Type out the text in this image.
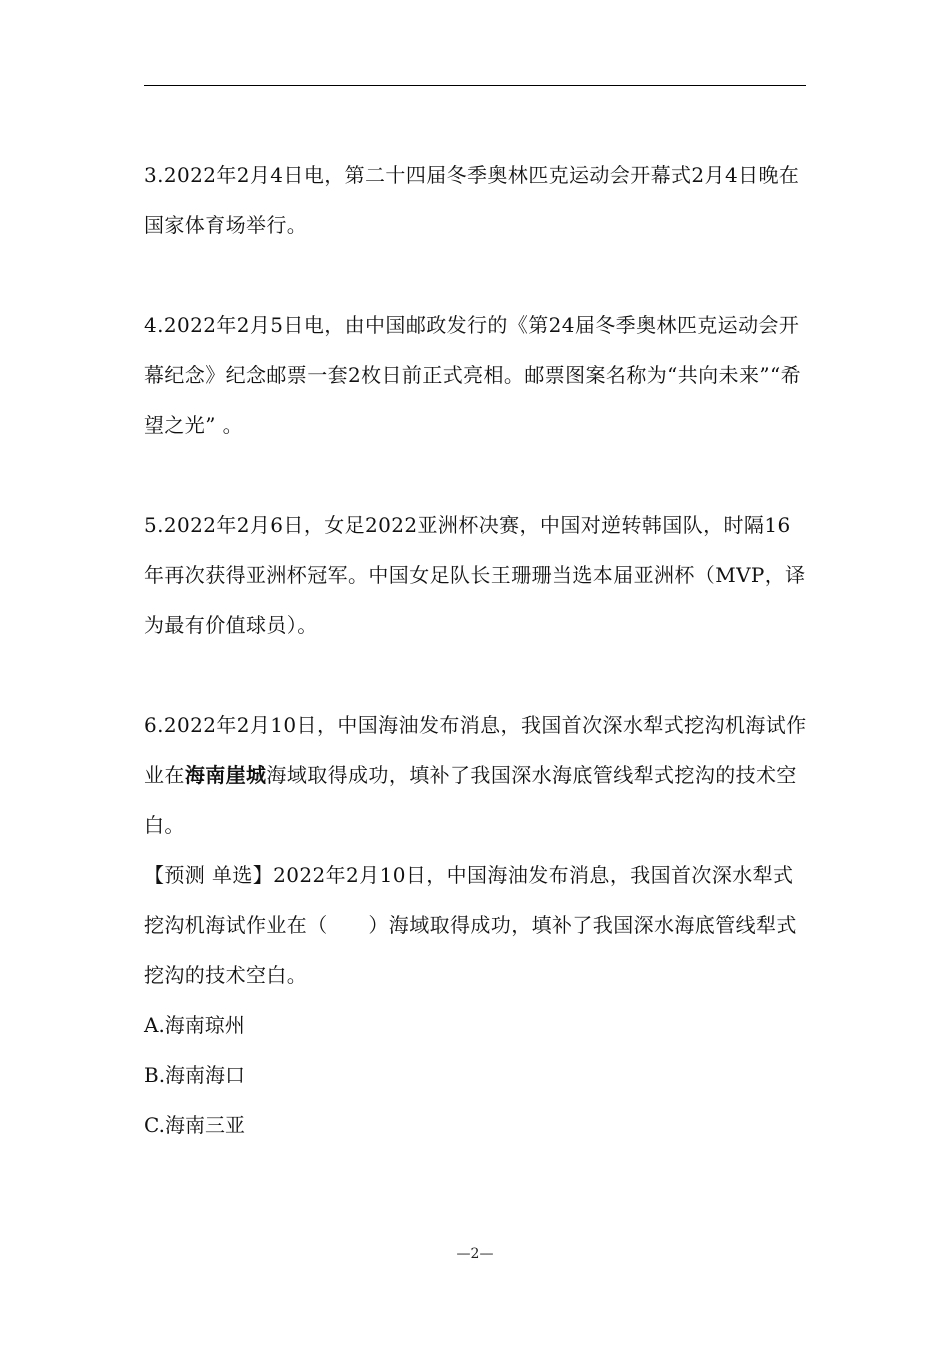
3.2022年2月4日电，第二十四届冬季奥林匹克运动会开幕式2月4日晚在国家体育场举行。

4.2022年2月5日电，由中国邮政发行的《第24届冬季奥林匹克运动会开幕纪念》纪念邮票一套2枚日前正式亮相。邮票图案名称为“共向未来”“希望之光” 。

5.2022年2月6日，女足2022亚洲杯决赛，中国对逆转韩国队，时隔16年再次获得亚洲杯冠军。中国女足队长王珊珊当选本届亚洲杯（MVP，译为最有价值球员）。

6.2022年2月10日，中国海油发布消息，我国首次深水犁式挖沟机海试作业在海南崖城海域取得成功，填补了我国深水海底管线犁式挖沟的技术空白。

【预测 单选】2022年2月10日，中国海油发布消息，我国首次深水犁式挖沟机海试作业在（　　）海域取得成功，填补了我国深水海底管线犁式挖沟的技术空白。

A.海南琼州

B.海南海口

C.海南三亚

—2—
